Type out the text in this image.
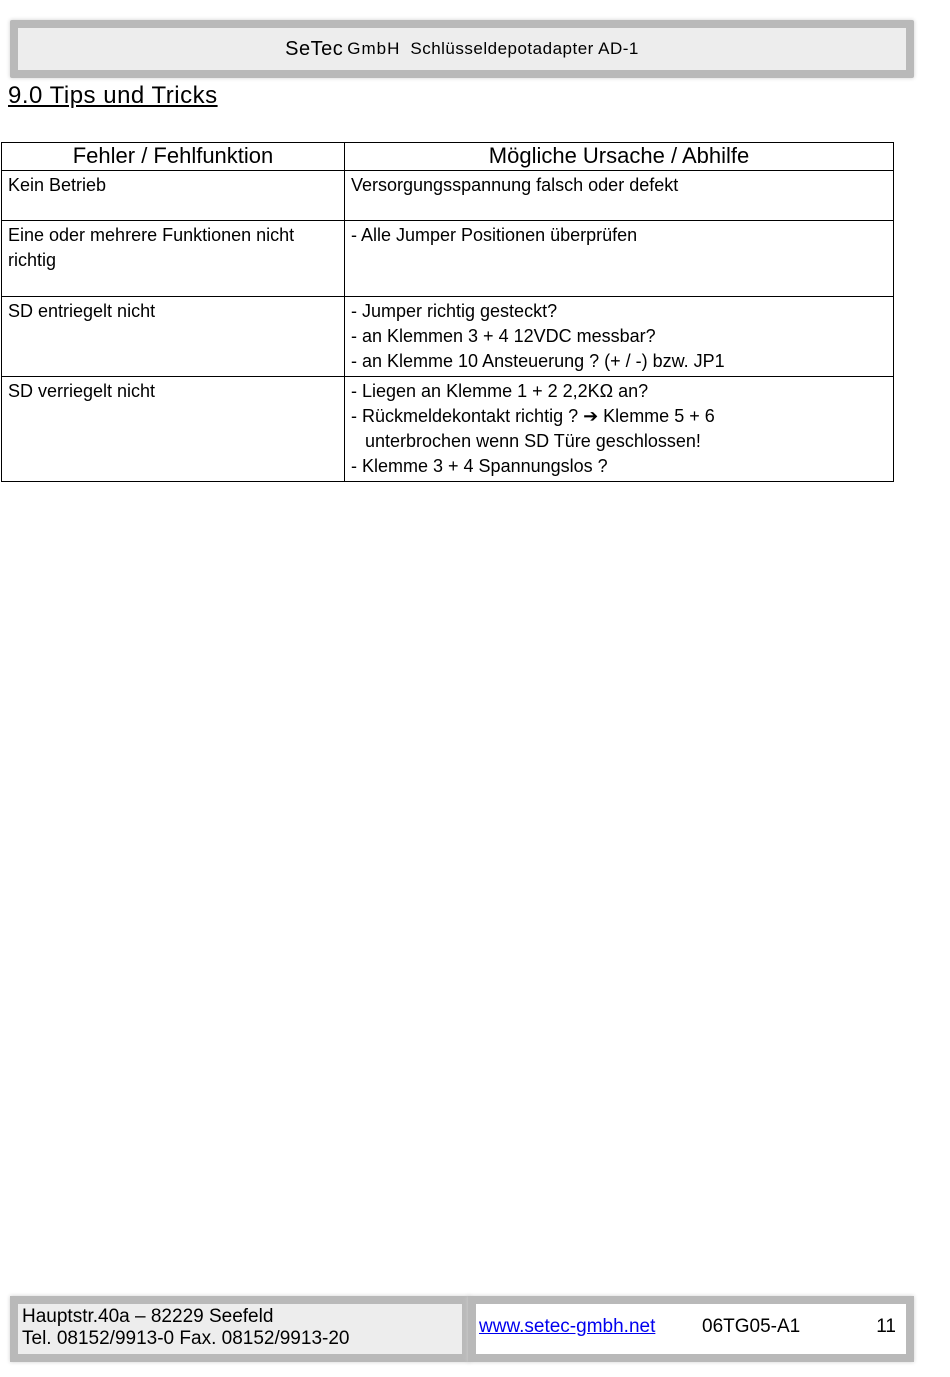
SeTec GmbH Schlüsseldepotadapter AD-1
9.0 Tips und Tricks
Fehler / Fehlfunktion	Mögliche Ursache / Abhilfe
Kein Betrieb	Versorgungsspannung falsch oder defekt

Eine oder mehrere Funktionen nicht richtig	- Alle Jumper Positionen überprüfen

SD entriegelt nicht	- Jumper richtig gesteckt?
- an Klemmen 3 + 4 12VDC messbar?
- an Klemme 10 Ansteuerung ? (+ / -) bzw. JP1

SD verriegelt nicht	- Liegen an Klemme 1 + 2 2,2KΩ an?
- Rückmeldekontakt richtig ? ➔ Klemme 5 + 6
unterbrochen wenn SD Türe geschlossen!
- Klemme 3 + 4 Spannungslos ?
Hauptstr.40a – 82229 Seefeld
Tel. 08152/9913-0 Fax. 08152/9913-20
www.setec-gmbh.net 06TG05-A1	11
